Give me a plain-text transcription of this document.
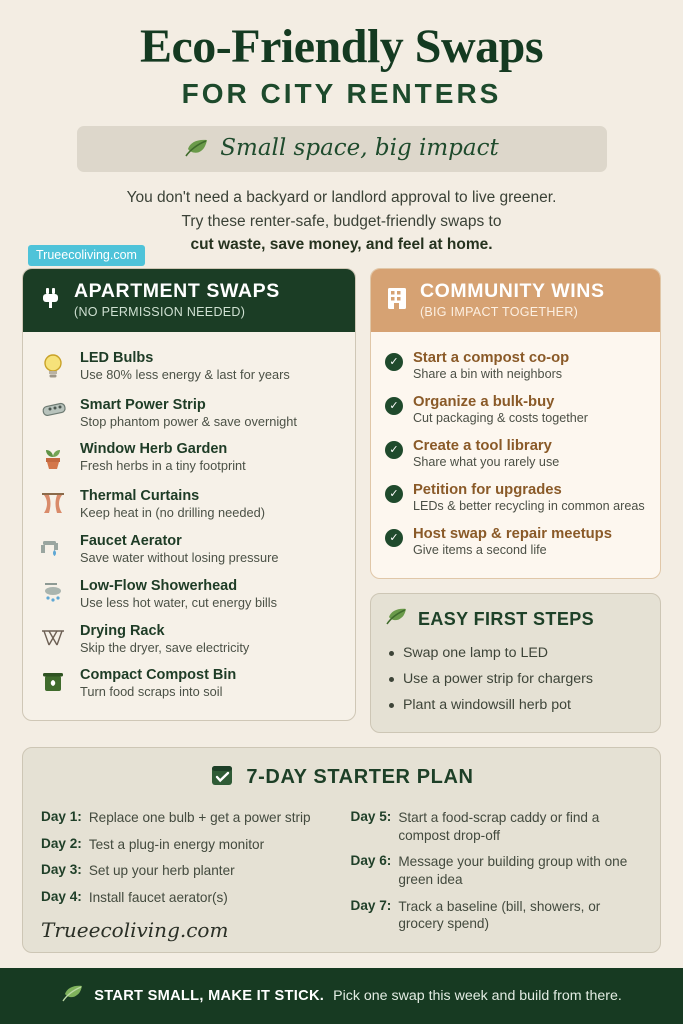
Trueecoliving.com
Eco-Friendly Swaps
FOR CITY RENTERS
Small space, big impact
You don't need a backyard or landlord approval to live greener.
Try these renter-safe, budget-friendly swaps to
cut waste, save money, and feel at home.
APARTMENT SWAPS
(NO PERMISSION NEEDED)
LED Bulbs
Use 80% less energy & last for years
Smart Power Strip
Stop phantom power & save overnight
Window Herb Garden
Fresh herbs in a tiny footprint
Thermal Curtains
Keep heat in (no drilling needed)
Faucet Aerator
Save water without losing pressure
Low-Flow Showerhead
Use less hot water, cut energy bills
Drying Rack
Skip the dryer, save electricity
Compact Compost Bin
Turn food scraps into soil
COMMUNITY WINS
(BIG IMPACT TOGETHER)
✓ Start a compost co-op
Share a bin with neighbors
✓ Organize a bulk-buy
Cut packaging & costs together
✓ Create a tool library
Share what you rarely use
✓ Petition for upgrades
LEDs & better recycling in common areas
✓ Host swap & repair meetups
Give items a second life
EASY FIRST STEPS
Swap one lamp to LED
Use a power strip for chargers
Plant a windowsill herb pot
7-DAY STARTER PLAN
Day 1: Replace one bulb + get a power strip
Day 2: Test a plug-in energy monitor
Day 3: Set up your herb planter
Day 4: Install faucet aerator(s)
Trueecoliving.com
Day 5: Start a food-scrap caddy or find a compost drop-off
Day 6: Message your building group with one green idea
Day 7: Track a baseline (bill, showers, or grocery spend)
START SMALL, MAKE IT STICK. Pick one swap this week and build from there.
